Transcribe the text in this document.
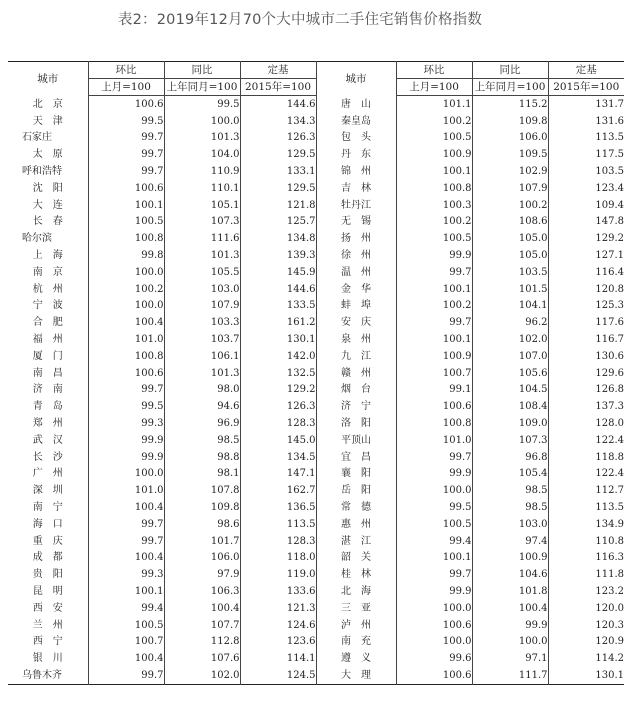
表2：2019年12月70个大中城市二手住宅销售价格指数
城市	环比	同比	定基	城市	环比	同比	定基
	上月=100	上年同月=100	2015年=100		上月=100	上年同月=100	2015年=100
北　京	100.6	99.5	144.6	唐　山	101.1	115.2	131.7
天　津	99.5	100.0	134.3	秦皇岛	100.2	109.8	131.6
石家庄	99.7	101.3	126.3	包　头	100.5	106.0	113.5
太　原	99.7	104.0	129.5	丹　东	100.9	109.5	117.5
呼和浩特	99.7	110.9	133.1	锦　州	100.1	102.9	103.5
沈　阳	100.6	110.1	129.5	吉　林	100.8	107.9	123.4
大　连	100.1	105.1	121.8	牡丹江	100.3	100.2	109.4
长　春	100.5	107.3	125.7	无　锡	100.2	108.6	147.8
哈尔滨	100.8	111.6	134.8	扬　州	100.5	105.0	129.2
上　海	99.8	101.3	139.3	徐　州	99.9	105.0	127.1
南　京	100.0	105.5	145.9	温　州	99.7	103.5	116.4
杭　州	100.2	103.0	144.6	金　华	100.1	101.5	120.8
宁　波	100.0	107.9	133.5	蚌　埠	100.2	104.1	125.3
合　肥	100.4	103.3	161.2	安　庆	99.7	96.2	117.6
福　州	101.0	103.7	130.1	泉　州	100.1	102.0	116.7
厦　门	100.8	106.1	142.0	九　江	100.9	107.0	130.6
南　昌	100.6	101.3	132.5	赣　州	100.7	105.6	129.6
济　南	99.7	98.0	129.2	烟　台	99.1	104.5	126.8
青　岛	99.5	94.6	126.3	济　宁	100.6	108.4	137.3
郑　州	99.3	96.9	128.3	洛　阳	100.8	109.0	128.0
武　汉	99.9	98.5	145.0	平顶山	101.0	107.3	122.4
长　沙	99.9	98.8	134.5	宜　昌	99.7	96.8	118.8
广　州	100.0	98.1	147.1	襄　阳	99.9	105.4	122.4
深　圳	101.0	107.8	162.7	岳　阳	100.0	98.5	112.7
南　宁	100.4	109.8	136.5	常　德	99.5	98.5	113.5
海　口	99.7	98.6	113.5	惠　州	100.5	103.0	134.9
重　庆	99.7	101.7	128.3	湛　江	99.4	97.4	110.8
成　都	100.4	106.0	118.0	韶　关	100.1	100.9	116.3
贵　阳	99.3	97.9	119.0	桂　林	99.7	104.6	111.8
昆　明	100.1	106.3	133.6	北　海	99.9	101.8	123.2
西　安	99.4	100.4	121.3	三　亚	100.0	100.4	120.0
兰　州	100.5	107.7	124.6	泸　州	100.6	99.9	120.3
西　宁	100.7	112.8	123.6	南　充	100.0	100.0	120.9
银　川	100.4	107.6	114.1	遵　义	99.6	97.1	114.2
乌鲁木齐	99.7	102.0	124.5	大　理	100.6	111.7	130.1
